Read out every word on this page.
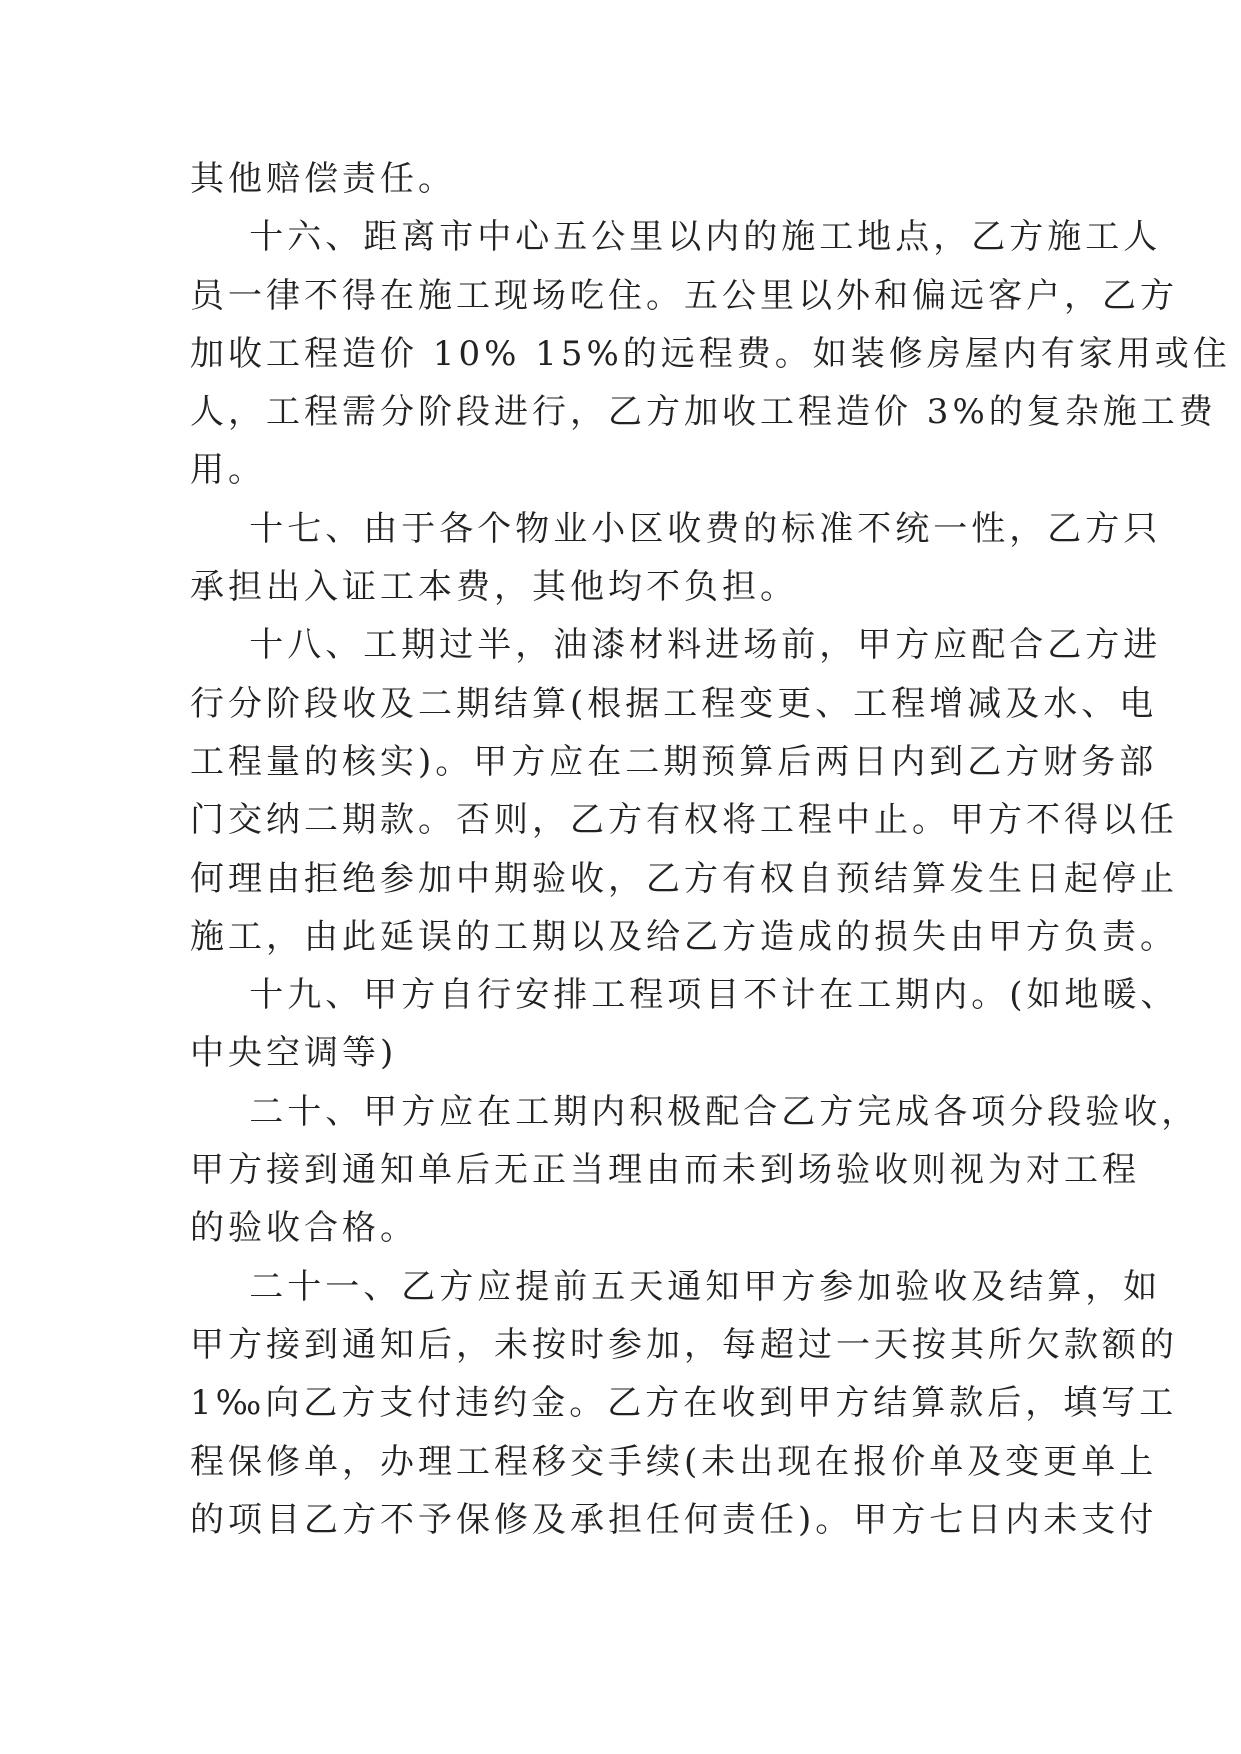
其他赔偿责任。
十六、距离市中心五公里以内的施工地点，乙方施工人
员一律不得在施工现场吃住。五公里以外和偏远客户，乙方
加收工程造价 10% 15%的远程费。如装修房屋内有家用或住
人，工程需分阶段进行，乙方加收工程造价 3%的复杂施工费
用。
十七、由于各个物业小区收费的标准不统一性，乙方只
承担出入证工本费，其他均不负担。
十八、工期过半，油漆材料进场前，甲方应配合乙方进
行分阶段收及二期结算(根据工程变更、工程增减及水、电
工程量的核实)。甲方应在二期预算后两日内到乙方财务部
门交纳二期款。否则，乙方有权将工程中止。甲方不得以任
何理由拒绝参加中期验收，乙方有权自预结算发生日起停止
施工，由此延误的工期以及给乙方造成的损失由甲方负责。
十九、甲方自行安排工程项目不计在工期内。(如地暖、
中央空调等)
二十、甲方应在工期内积极配合乙方完成各项分段验收，
甲方接到通知单后无正当理由而未到场验收则视为对工程
的验收合格。
二十一、乙方应提前五天通知甲方参加验收及结算，如
甲方接到通知后，未按时参加，每超过一天按其所欠款额的
1‰向乙方支付违约金。乙方在收到甲方结算款后，填写工
程保修单，办理工程移交手续(未出现在报价单及变更单上
的项目乙方不予保修及承担任何责任)。甲方七日内未支付
